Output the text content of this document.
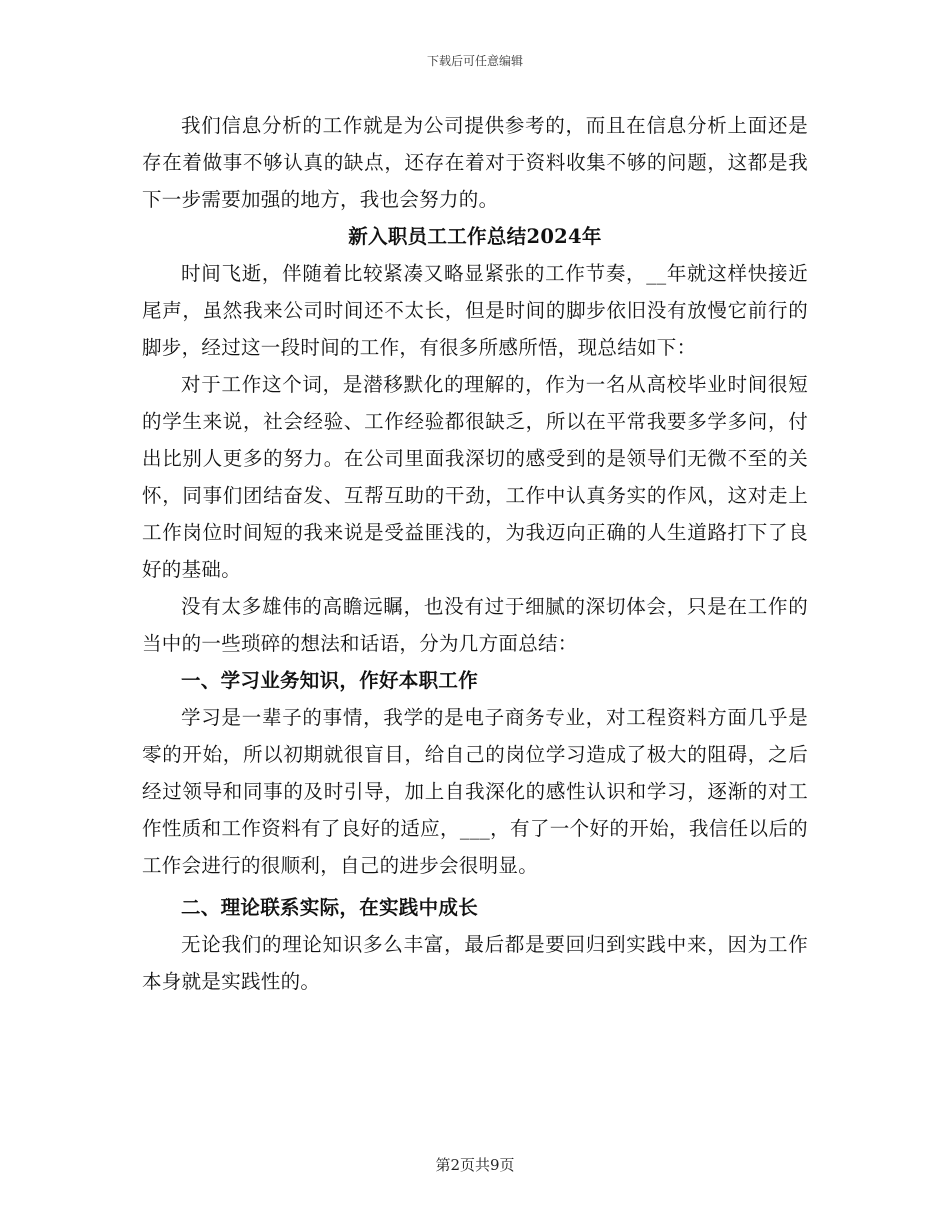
下载后可任意编辑

我们信息分析的工作就是为公司提供参考的，而且在信息分析上面还是存在着做事不够认真的缺点，还存在着对于资料收集不够的问题，这都是我下一步需要加强的地方，我也会努力的。

新入职员工工作总结2024年

时间飞逝，伴随着比较紧凑又略显紧张的工作节奏，__年就这样快接近尾声，虽然我来公司时间还不太长，但是时间的脚步依旧没有放慢它前行的脚步，经过这一段时间的工作，有很多所感所悟，现总结如下：

对于工作这个词，是潜移默化的理解的，作为一名从高校毕业时间很短的学生来说，社会经验、工作经验都很缺乏，所以在平常我要多学多问，付出比别人更多的努力。在公司里面我深切的感受到的是领导们无微不至的关怀，同事们团结奋发、互帮互助的干劲，工作中认真务实的作风，这对走上工作岗位时间短的我来说是受益匪浅的，为我迈向正确的人生道路打下了良好的基础。

没有太多雄伟的高瞻远瞩，也没有过于细腻的深切体会，只是在工作的当中的一些琐碎的想法和话语，分为几方面总结：

一、学习业务知识，作好本职工作

学习是一辈子的事情，我学的是电子商务专业，对工程资料方面几乎是零的开始，所以初期就很盲目，给自己的岗位学习造成了极大的阻碍，之后经过领导和同事的及时引导，加上自我深化的感性认识和学习，逐渐的对工作性质和工作资料有了良好的适应，___，有了一个好的开始，我信任以后的工作会进行的很顺利，自己的进步会很明显。

二、理论联系实际，在实践中成长

无论我们的理论知识多么丰富，最后都是要回归到实践中来，因为工作本身就是实践性的。

第2页共9页
